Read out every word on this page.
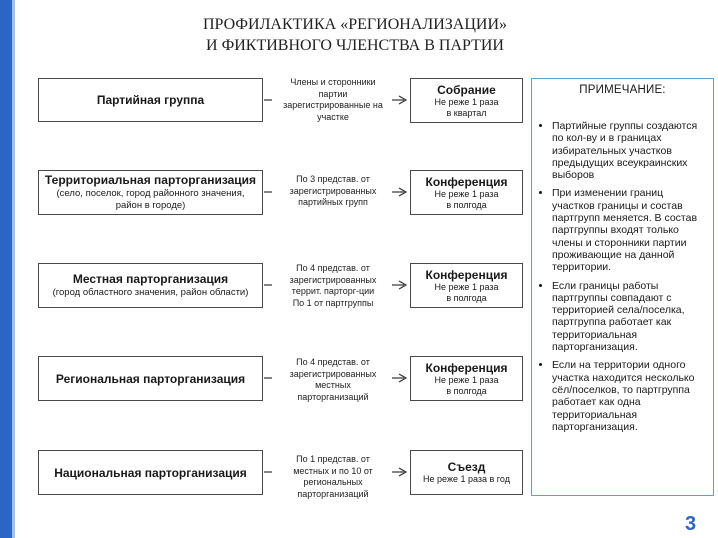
ПРОФИЛАКТИКА «РЕГИОНАЛИЗАЦИИ»
И ФИКТИВНОГО ЧЛЕНСТВА В ПАРТИИ
Партийная группа
Члены и сторонники
партии
зарегистрированные на
участке
Собрание
Не реже 1 раза
в квартал
Территориальная парторганизация
(село, поселок, город районного значения, район в городе)
По 3 представ. от
зарегистрированных
партийных групп
Конференция
Не реже 1 раза
в полгода
Местная парторганизация
(город областного значения, район области)
По 4 представ. от
зарегистрированных
террит. парторг-ции
По 1 от партгруппы
Конференция
Не реже 1 раза
в полгода
Региональная парторганизация
По 4 представ. от
зарегистрированных
местных
парторганизаций
Конференция
Не реже 1 раза
в полгода
Национальная парторганизация
По 1 представ. от
местных и по 10 от
региональных
парторганизаций
Съезд
Не реже 1 раза в год
ПРИМЕЧАНИЕ:
• Партийные группы создаются по кол-ву и в границах избирательных участков предыдущих всеукраинских выборов
• При изменении границ участков границы и состав партгрупп меняется. В состав партгруппы входят только члены и сторонники партии проживающие на данной территории.
• Если границы работы партгруппы совпадают с территорией села/поселка, партгруппа работает как территориальная парторганизация.
• Если на территории одного участка находится несколько сёл/поселков, то партгруппа работает как одна территориальная парторганизация.
3
